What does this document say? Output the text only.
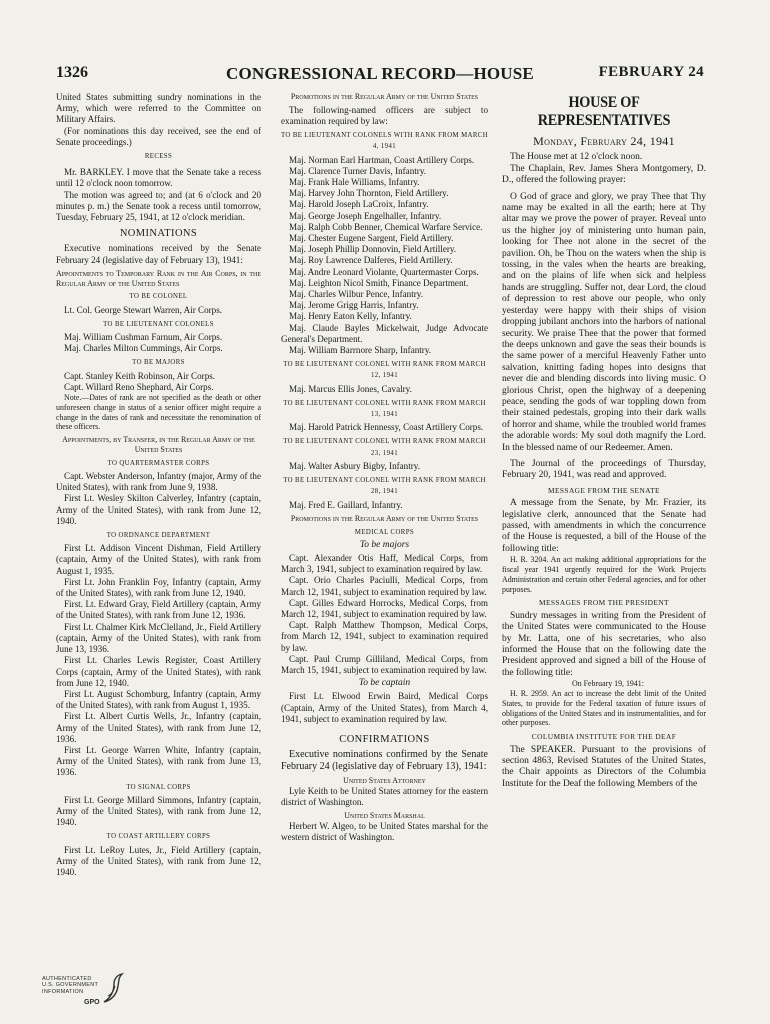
1326	CONGRESSIONAL RECORD—HOUSE	FEBRUARY 24

United States submitting sundry nominations in the Army, which were referred to the Committee on Military Affairs.

(For nominations this day received, see the end of Senate proceedings.)

RECESS

Mr. BARKLEY. I move that the Senate take a recess until 12 o'clock noon tomorrow.

The motion was agreed to; and (at 6 o'clock and 20 minutes p. m.) the Senate took a recess until tomorrow, Tuesday, February 25, 1941, at 12 o'clock meridian.

NOMINATIONS

Executive nominations received by the Senate February 24 (legislative day of February 13), 1941:

Appointments to Temporary Rank in the Air Corps, in the Regular Army of the United States

TO BE COLONEL

Lt. Col. George Stewart Warren, Air Corps.

TO BE LIEUTENANT COLONELS

Maj. William Cushman Farnum, Air Corps.

Maj. Charles Milton Cummings, Air Corps.

TO BE MAJORS

Capt. Stanley Keith Robinson, Air Corps.

Capt. Willard Reno Shephard, Air Corps.

Note.—Dates of rank are not specified as the death or other unforeseen change in status of a senior officer might require a change in the dates of rank and necessitate the renomination of these officers.

Appointments, by Transfer, in the Regular Army of the United States

TO QUARTERMASTER CORPS

Capt. Webster Anderson, Infantry (major, Army of the United States), with rank from June 9, 1938.

First Lt. Wesley Skilton Calverley, Infantry (captain, Army of the United States), with rank from June 12, 1940.

TO ORDNANCE DEPARTMENT

First Lt. Addison Vincent Dishman, Field Artillery (captain, Army of the United States), with rank from August 1, 1935.

First Lt. John Franklin Foy, Infantry (captain, Army of the United States), with rank from June 12, 1940.

First. Lt. Edward Gray, Field Artillery (captain, Army of the United States), with rank from June 12, 1936.

First Lt. Chalmer Kirk McClelland, Jr., Field Artillery (captain, Army of the United States), with rank from June 13, 1936.

First Lt. Charles Lewis Register, Coast Artillery Corps (captain, Army of the United States), with rank from June 12, 1940.

First Lt. August Schomburg, Infantry (captain, Army of the United States), with rank from August 1, 1935.

First Lt. Albert Curtis Wells, Jr., Infantry (captain, Army of the United States), with rank from June 12, 1936.

First Lt. George Warren White, Infantry (captain, Army of the United States), with rank from June 13, 1936.

TO SIGNAL CORPS

First Lt. George Millard Simmons, Infantry (captain, Army of the United States), with rank from June 12, 1940.

TO COAST ARTILLERY CORPS

First Lt. LeRoy Lutes, Jr., Field Artillery (captain, Army of the United States), with rank from June 12, 1940.

Promotions in the Regular Army of the United States

The following-named officers are subject to examination required by law:

TO BE LIEUTENANT COLONELS WITH RANK FROM MARCH 4, 1941

Maj. Norman Earl Hartman, Coast Artillery Corps.

Maj. Clarence Turner Davis, Infantry.

Maj. Frank Hale Williams, Infantry.

Maj. Harvey John Thornton, Field Artillery.

Maj. Harold Joseph LaCroix, Infantry.

Maj. George Joseph Engelhaller, Infantry.

Maj. Ralph Cobb Benner, Chemical Warfare Service.

Maj. Chester Eugene Sargent, Field Artillery.

Maj. Joseph Phillip Donnovin, Field Artillery.

Maj. Roy Lawrence Dalferes, Field Artillery.

Maj. Andre Leonard Violante, Quartermaster Corps.

Maj. Leighton Nicol Smith, Finance Department.

Maj. Charles Wilbur Pence, Infantry.

Maj. Jerome Grigg Harris, Infantry.

Maj. Henry Eaton Kelly, Infantry.

Maj. Claude Bayles Mickelwait, Judge Advocate General's Department.

Maj. William Barrnore Sharp, Infantry.

TO BE LIEUTENANT COLONEL WITH RANK FROM MARCH 12, 1941

Maj. Marcus Ellis Jones, Cavalry.

TO BE LIEUTENANT COLONEL WITH RANK FROM MARCH 13, 1941

Maj. Harold Patrick Hennessy, Coast Artillery Corps.

TO BE LIEUTENANT COLONEL WITH RANK FROM MARCH 23, 1941

Maj. Walter Asbury Bigby, Infantry.

TO BE LIEUTENANT COLONEL WITH RANK FROM MARCH 28, 1941

Maj. Fred E. Gaillard, Infantry.

Promotions in the Regular Army of the United States

MEDICAL CORPS
To be majors

Capt. Alexander Otis Haff, Medical Corps, from March 3, 1941, subject to examination required by law.

Capt. Orio Charles Paciulli, Medical Corps, from March 12, 1941, subject to examination required by law.

Capt. Gilles Edward Horrocks, Medical Corps, from March 12, 1941, subject to examination required by law.

Capt. Ralph Matthew Thompson, Medical Corps, from March 12, 1941, subject to examination required by law.

Capt. Paul Crump Gilliland, Medical Corps, from March 15, 1941, subject to examination required by law.

To be captain

First Lt. Elwood Erwin Baird, Medical Corps (Captain, Army of the United States), from March 4, 1941, subject to examination required by law.

CONFIRMATIONS

Executive nominations confirmed by the Senate February 24 (legislative day of February 13), 1941:

United States Attorney

Lyle Keith to be United States attorney for the eastern district of Washington.

United States Marshal

Herbert W. Algeo, to be United States marshal for the western district of Washington.

HOUSE OF REPRESENTATIVES
Monday, February 24, 1941

The House met at 12 o'clock noon.

The Chaplain, Rev. James Shera Montgomery, D. D., offered the following prayer:

O God of grace and glory, we pray Thee that Thy name may be exalted in all the earth; here at Thy altar may we prove the power of prayer. Reveal unto us the higher joy of ministering unto human pain, looking for Thee not alone in the secret of the pavilion. Oh, be Thou on the waters when the ship is tossing, in the vales when the hearts are breaking, and on the plains of life when sick and helpless hands are struggling. Suffer not, dear Lord, the cloud of depression to rest above our people, who only yesterday were happy with their ships of vision dropping jubilant anchors into the harbors of national security. We praise Thee that the power that formed the deeps unknown and gave the seas their bounds is the same power of a merciful Heavenly Father unto salvation, knitting fading hopes into designs that never die and blending discords into living music. O glorious Christ, open the highway of a deepening peace, sending the gods of war toppling down from their stained pedestals, groping into their dark walls of horror and shame, while the troubled world frames the adorable words: My soul doth magnify the Lord. In the blessed name of our Redeemer. Amen.

The Journal of the proceedings of Thursday, February 20, 1941, was read and approved.

MESSAGE FROM THE SENATE

A message from the Senate, by Mr. Frazier, its legislative clerk, announced that the Senate had passed, with amendments in which the concurrence of the House is requested, a bill of the House of the following title:

H. R. 3204. An act making additional appropriations for the fiscal year 1941 urgently required for the Work Projects Administration and certain other Federal agencies, and for other purposes.

MESSAGES FROM THE PRESIDENT

Sundry messages in writing from the President of the United States were communicated to the House by Mr. Latta, one of his secretaries, who also informed the House that on the following date the President approved and signed a bill of the House of the following title:

On February 19, 1941:

H. R. 2959. An act to increase the debt limit of the United States, to provide for the Federal taxation of future issues of obligations of the United States and its instrumentalities, and for other purposes.

COLUMBIA INSTITUTE FOR THE DEAF

The SPEAKER. Pursuant to the provisions of section 4863, Revised Statutes of the United States, the Chair appoints as Directors of the Columbia Institute for the Deaf the following Members of the

AUTHENTICATED
U.S. GOVERNMENT
INFORMATION
GPO
